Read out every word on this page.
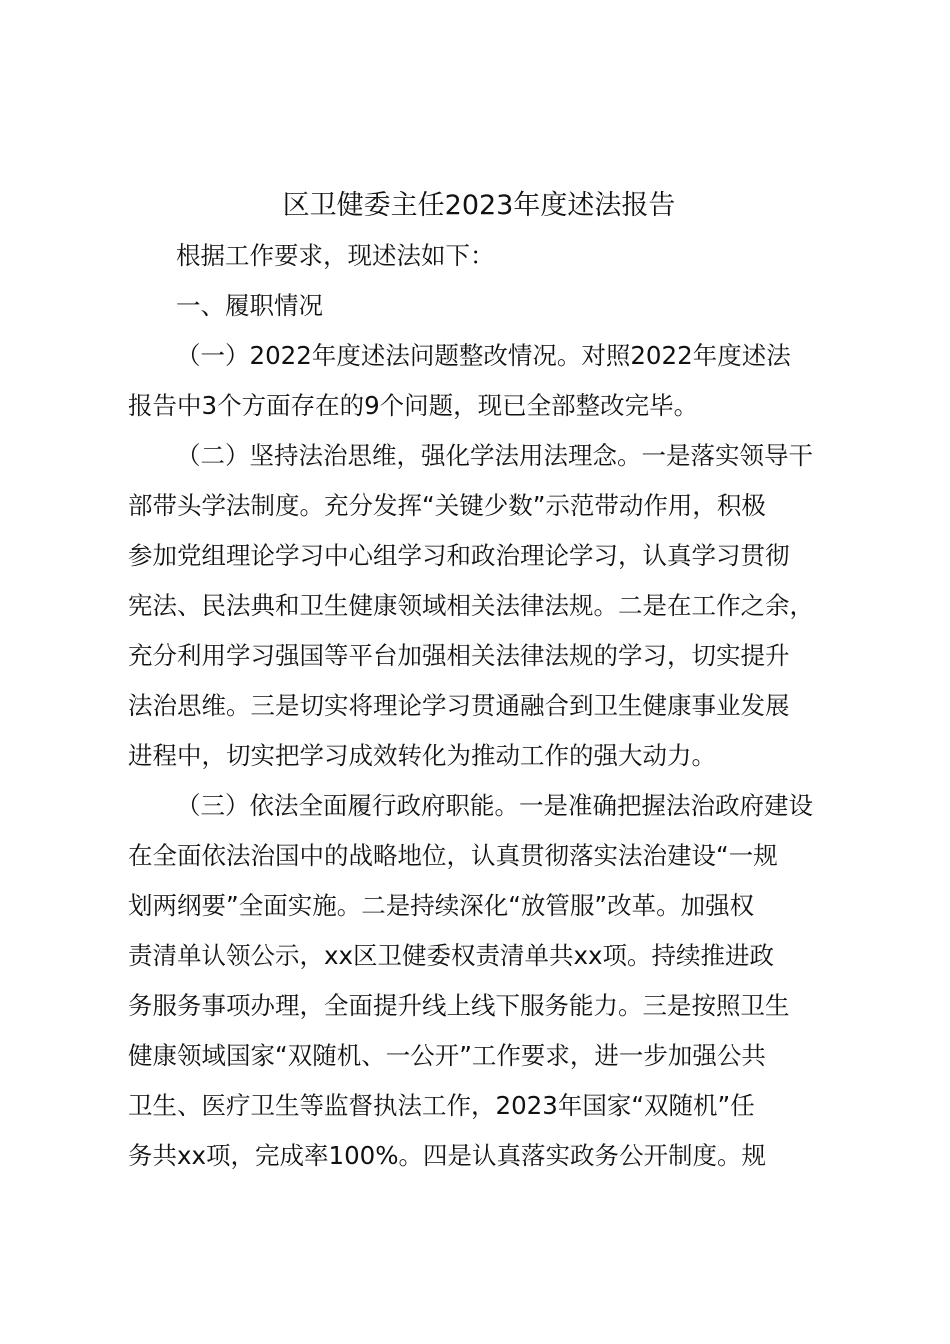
区卫健委主任2023年度述法报告
根据工作要求，现述法如下：
一、履职情况
（一）2022年度述法问题整改情况。对照2022年度述法
报告中3个方面存在的9个问题，现已全部整改完毕。
（二）坚持法治思维，强化学法用法理念。一是落实领导干
部带头学法制度。充分发挥“关键少数”示范带动作用，积极
参加党组理论学习中心组学习和政治理论学习，认真学习贯彻
宪法、民法典和卫生健康领域相关法律法规。二是在工作之余，
充分利用学习强国等平台加强相关法律法规的学习，切实提升
法治思维。三是切实将理论学习贯通融合到卫生健康事业发展
进程中，切实把学习成效转化为推动工作的强大动力。
（三）依法全面履行政府职能。一是准确把握法治政府建设
在全面依法治国中的战略地位，认真贯彻落实法治建设“一规
划两纲要”全面实施。二是持续深化“放管服”改革。加强权
责清单认领公示，xx区卫健委权责清单共xx项。持续推进政
务服务事项办理，全面提升线上线下服务能力。三是按照卫生
健康领域国家“双随机、一公开”工作要求，进一步加强公共
卫生、医疗卫生等监督执法工作，2023年国家“双随机”任
务共xx项，完成率100%。四是认真落实政务公开制度。规
